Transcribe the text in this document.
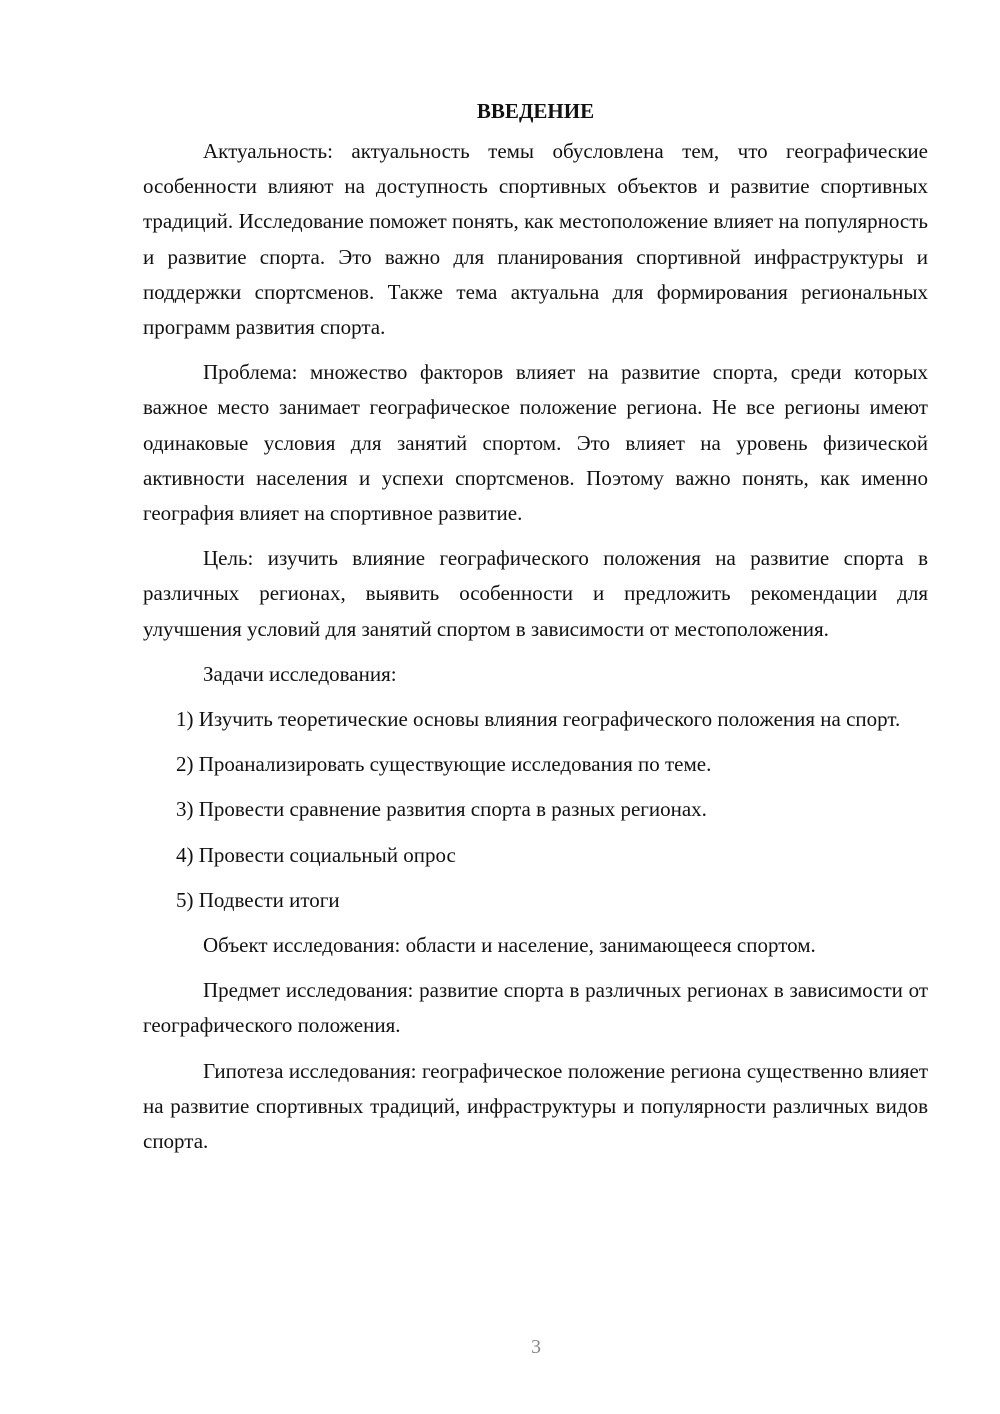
ВВЕДЕНИЕ

Актуальность: актуальность темы обусловлена тем, что географические особенности влияют на доступность спортивных объектов и развитие спортивных традиций. Исследование поможет понять, как местоположение влияет на популярность и развитие спорта. Это важно для планирования спортивной инфраструктуры и поддержки спортсменов. Также тема актуальна для формирования региональных программ развития спорта.

Проблема: множество факторов влияет на развитие спорта, среди которых важное место занимает географическое положение региона. Не все регионы имеют одинаковые условия для занятий спортом. Это влияет на уровень физической активности населения и успехи спортсменов. Поэтому важно понять, как именно география влияет на спортивное развитие.

Цель: изучить влияние географического положения на развитие спорта в различных регионах, выявить особенности и предложить рекомендации для улучшения условий для занятий спортом в зависимости от местоположения.

Задачи исследования:

1) Изучить теоретические основы влияния географического положения на спорт.

2) Проанализировать существующие исследования по теме.

3) Провести сравнение развития спорта в разных регионах.

4) Провести социальный опрос

5) Подвести итоги

Объект исследования: области и население, занимающееся спортом.

Предмет исследования: развитие спорта в различных регионах в зависимости от географического положения.

Гипотеза исследования: географическое положение региона существенно влияет на развитие спортивных традиций, инфраструктуры и популярности различных видов спорта.

3
